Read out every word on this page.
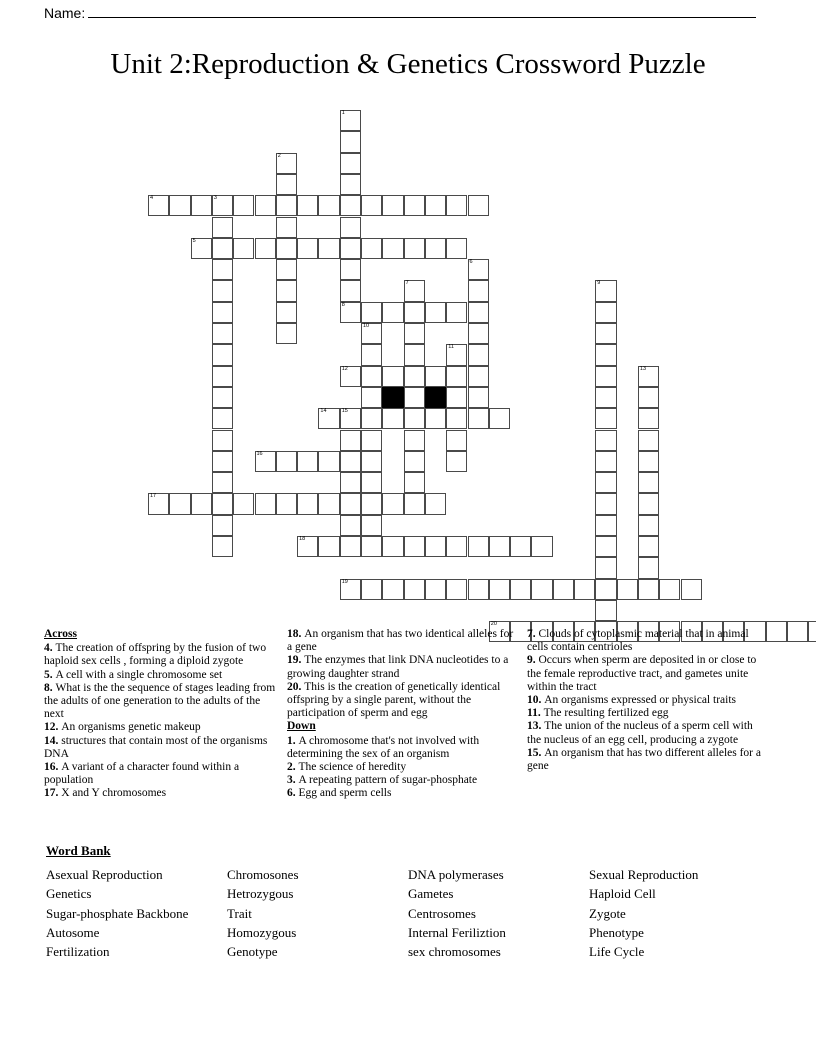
Name:
Unit 2:Reproduction & Genetics Crossword Puzzle
1
2
4	3
5
6
7	9
8
10
11
12	13
14	15
16
17
18
19
20
Across
4. The creation of offspring by the fusion of two haploid sex cells , forming a diploid zygote
5. A cell with a single chromosome set
8. What is the the sequence of stages leading from the adults of one generation to the adults of the next
12. An organisms genetic makeup
14. structures that contain most of the organisms DNA
16. A variant of a character found within a population
17. X and Y chromosomes
18. An organism that has two identical alleles for a gene
19. The enzymes that link DNA nucleotides to a growing daughter strand
20. This is the creation of genetically identical offspring by a single parent, without the participation of sperm and egg
Down
1. A chromosome that's not involved with determining the sex of an organism
2. The science of heredity
3. A repeating pattern of sugar-phosphate
6. Egg and sperm cells
7. Clouds of cytoplasmic material that in animal cells contain centrioles
9. Occurs when sperm are deposited in or close to the female reproductive tract, and gametes unite within the tract
10. An organisms expressed or physical traits
11. The resulting fertilized egg
13. The union of the nucleus of a sperm cell with the nucleus of an egg cell, producing a zygote
15. An organism that has two different alleles for a gene
Word Bank
Asexual Reproduction
Genetics
Sugar-phosphate Backbone
Autosome
Fertilization
Chromosones
Hetrozygous
Trait
Homozygous
Genotype
DNA polymerases
Gametes
Centrosomes
Internal Feriliztion
sex chromosomes
Sexual Reproduction
Haploid Cell
Zygote
Phenotype
Life Cycle
